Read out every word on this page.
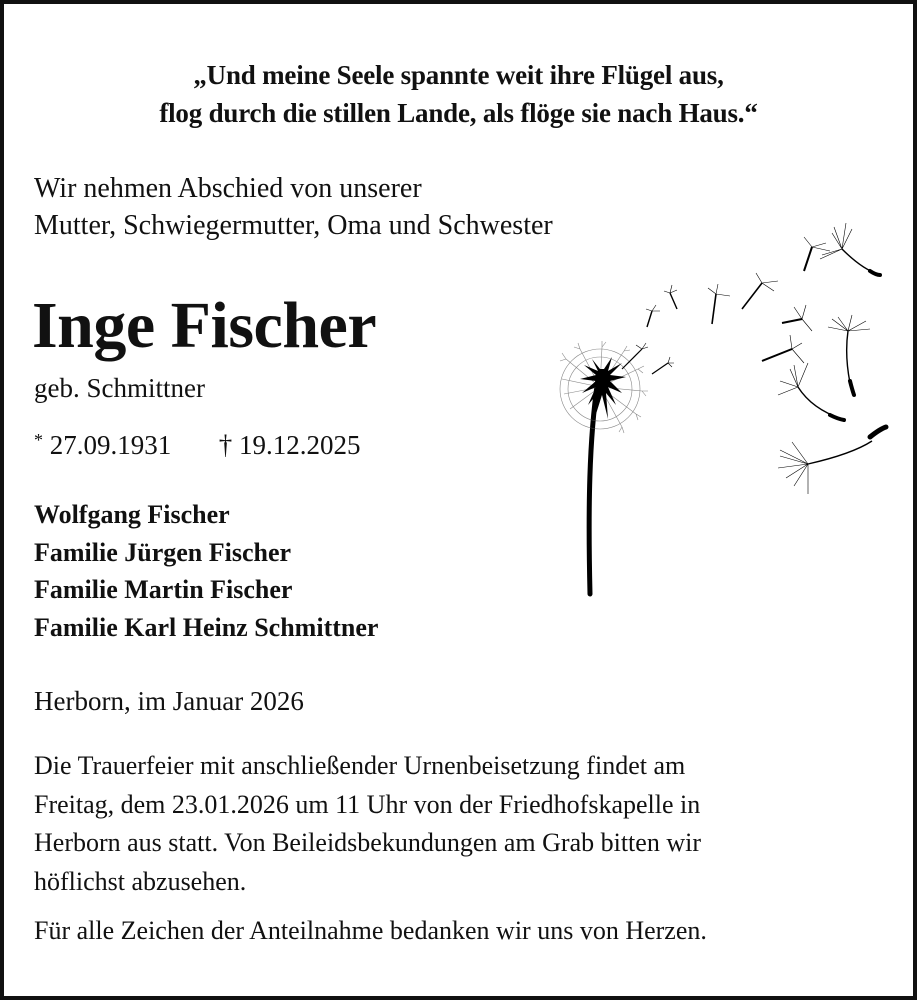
„Und meine Seele spannte weit ihre Flügel aus,
flog durch die stillen Lande, als flöge sie nach Haus.“
Wir nehmen Abschied von unserer
Mutter, Schwiegermutter, Oma und Schwester
Inge Fischer
geb. Schmittner
* 27.09.1931 † 19.12.2025
Wolfgang Fischer
Familie Jürgen Fischer
Familie Martin Fischer
Familie Karl Heinz Schmittner
Herborn, im Januar 2026
Die Trauerfeier mit anschließender Urnenbeisetzung findet am
Freitag, dem 23.01.2026 um 11 Uhr von der Friedhofskapelle in
Herborn aus statt. Von Beileidsbekundungen am Grab bitten wir
höflichst abzusehen.
Für alle Zeichen der Anteilnahme bedanken wir uns von Herzen.
